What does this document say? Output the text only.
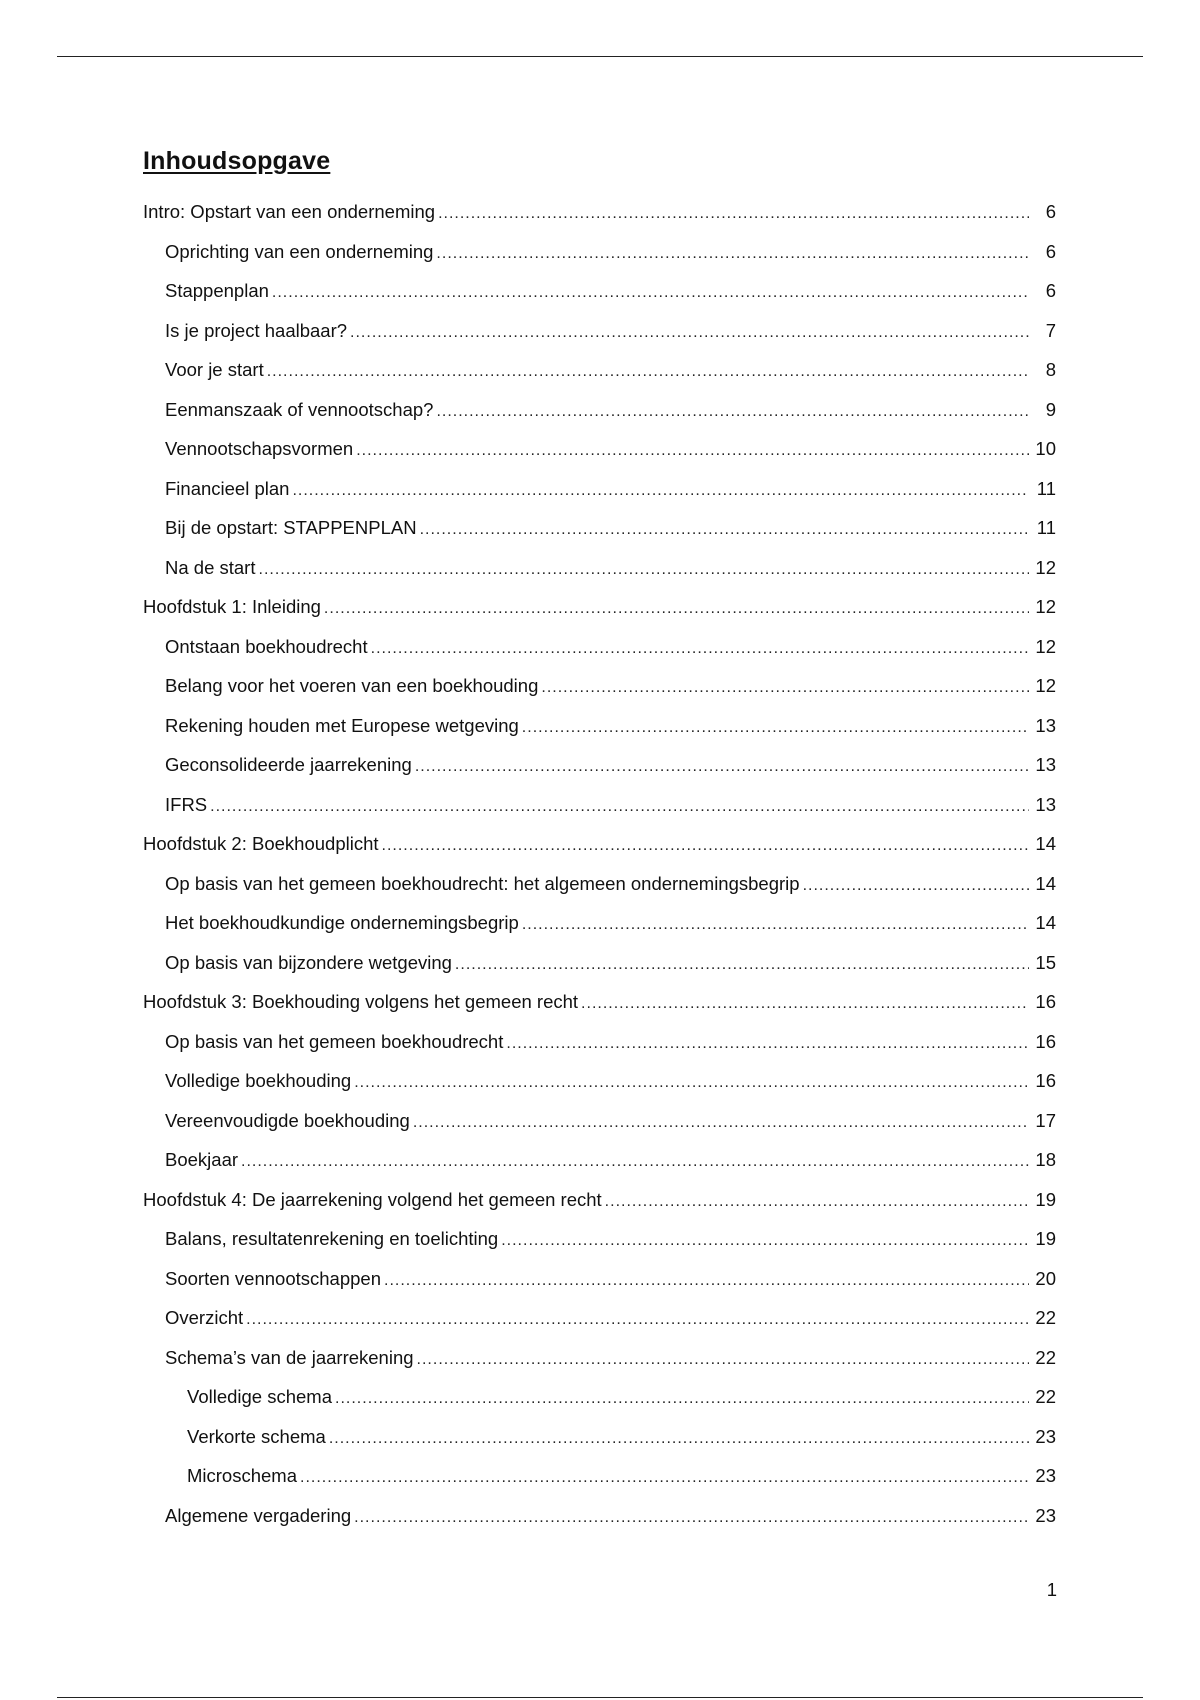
Inhoudsopgave
Intro: Opstart van een onderneming .....	6
Oprichting van een onderneming .....	6
Stappenplan .....	6
Is je project haalbaar? .....	7
Voor je start .....	8
Eenmanszaak of vennootschap? .....	9
Vennootschapsvormen .....	10
Financieel plan .....	11
Bij de opstart: STAPPENPLAN .....	11
Na de start .....	12
Hoofdstuk 1: Inleiding .....	12
Ontstaan boekhoudrecht .....	12
Belang voor het voeren van een boekhouding .....	12
Rekening houden met Europese wetgeving .....	13
Geconsolideerde jaarrekening .....	13
IFRS .....	13
Hoofdstuk 2: Boekhoudplicht .....	14
Op basis van het gemeen boekhoudrecht: het algemeen ondernemingsbegrip .....	14
Het boekhoudkundige ondernemingsbegrip .....	14
Op basis van bijzondere wetgeving .....	15
Hoofdstuk 3: Boekhouding volgens het gemeen recht .....	16
Op basis van het gemeen boekhoudrecht .....	16
Volledige boekhouding .....	16
Vereenvoudigde boekhouding .....	17
Boekjaar .....	18
Hoofdstuk 4: De jaarrekening volgend het gemeen recht .....	19
Balans, resultatenrekening en toelichting .....	19
Soorten vennootschappen .....	20
Overzicht .....	22
Schema’s van de jaarrekening .....	22
Volledige schema .....	22
Verkorte schema .....	23
Microschema .....	23
Algemene vergadering .....	23
1
